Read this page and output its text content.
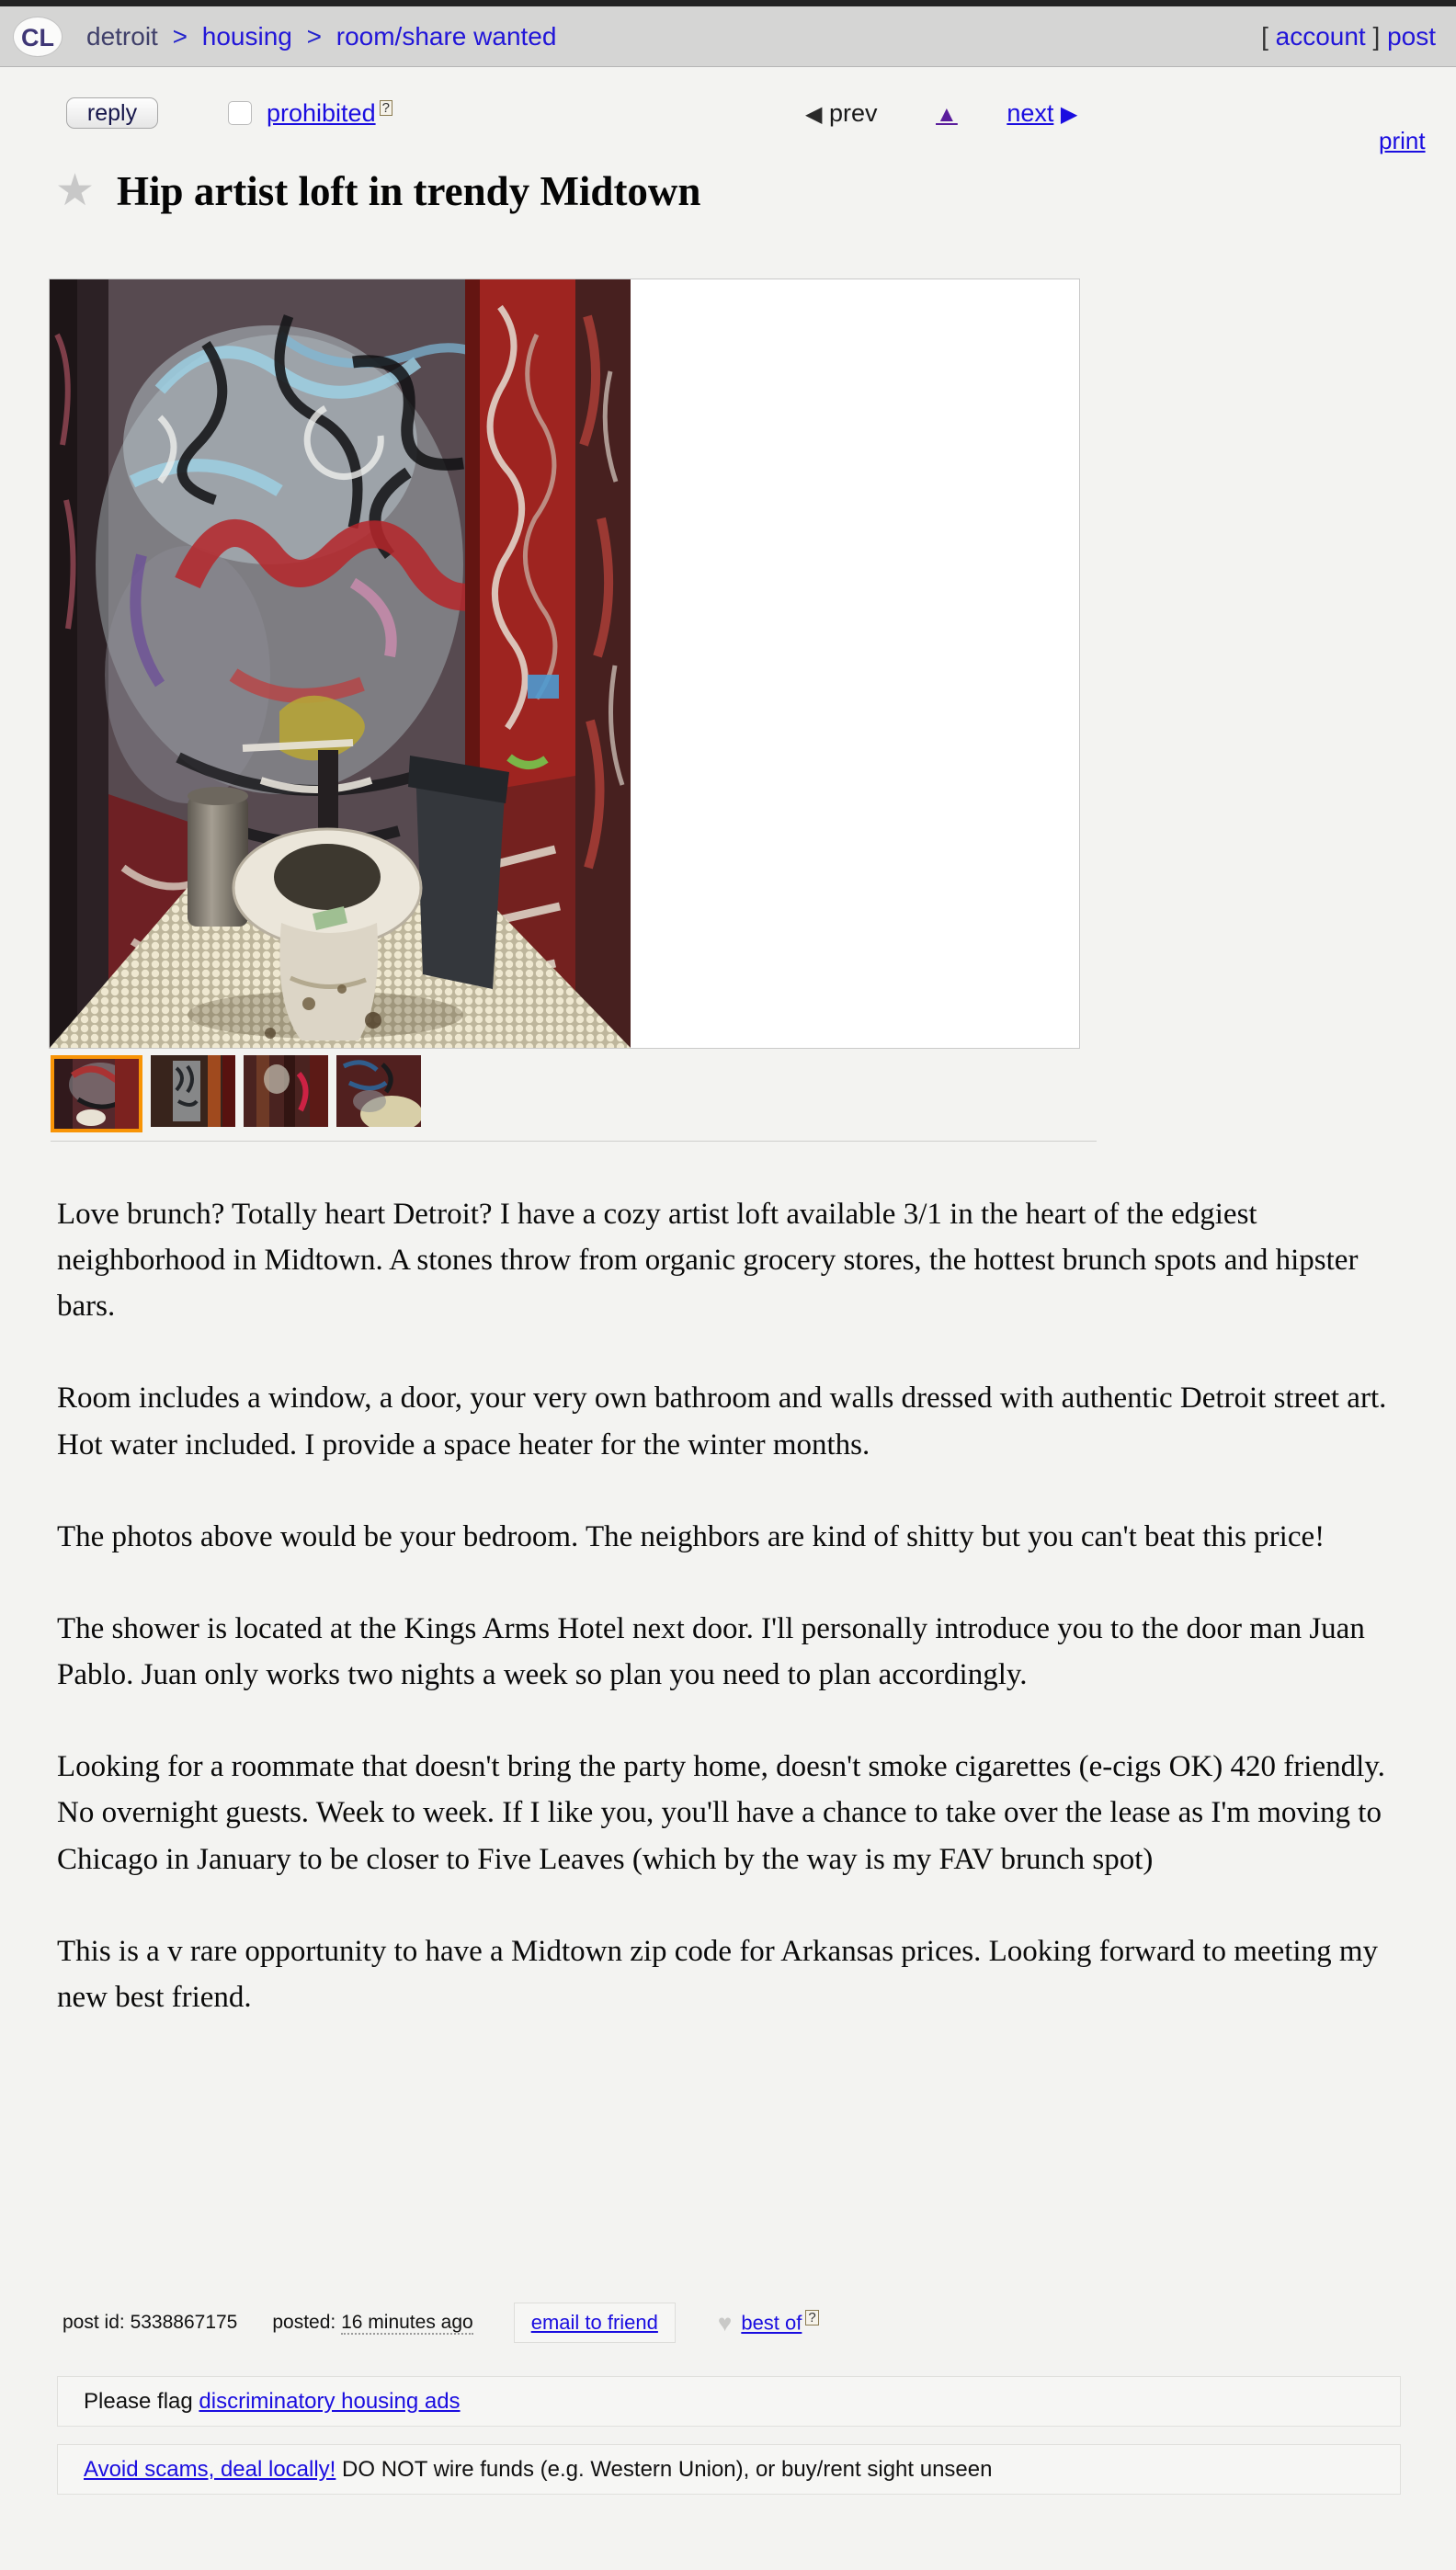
CL	detroit > housing > room/share wanted	[ account ] post
reply	prohibited ?	◀ prev	▲ next ▶
print
★ Hip artist loft in trendy Midtown

Love brunch? Totally heart Detroit? I have a cozy artist loft available 3/1 in the heart of the edgiest neighborhood in Midtown. A stones throw from organic grocery stores, the hottest brunch spots and hipster bars.

Room includes a window, a door, your very own bathroom and walls dressed with authentic Detroit street art. Hot water included. I provide a space heater for the winter months.

The photos above would be your bedroom. The neighbors are kind of shitty but you can't beat this price!

The shower is located at the Kings Arms Hotel next door. I'll personally introduce you to the door man Juan Pablo. Juan only works two nights a week so plan you need to plan accordingly.

Looking for a roommate that doesn't bring the party home, doesn't smoke cigarettes (e-cigs OK) 420 friendly. No overnight guests. Week to week. If I like you, you'll have a chance to take over the lease as I'm moving to Chicago in January to be closer to Five Leaves (which by the way is my FAV brunch spot)

This is a v rare opportunity to have a Midtown zip code for Arkansas prices. Looking forward to meeting my new best friend.

post id: 5338867175 posted: 16 minutes ago	email to friend	♥ best of ?
Please flag discriminatory housing ads
Avoid scams, deal locally! DO NOT wire funds (e.g. Western Union), or buy/rent sight unseen
